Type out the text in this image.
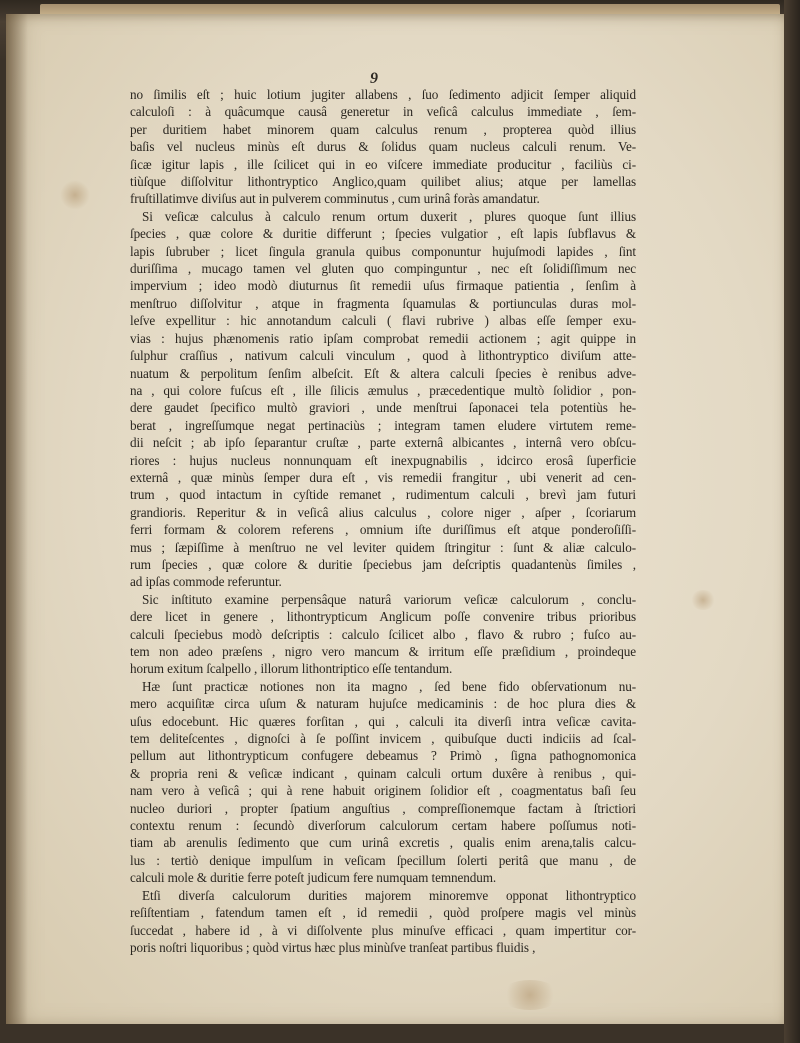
9

no ſimilis eſt ; huic lotium jugiter allabens , ſuo ſedimento adjicit ſemper aliquid

calculoſi : à quâcumque causâ generetur in veſicâ calculus immediate , ſem-

per duritiem habet minorem quam calculus renum , propterea quòd illius

baſis vel nucleus minùs eſt durus & ſolidus quam nucleus calculi renum. Ve-

ſicæ igitur lapis , ille ſcilicet qui in eo viſcere immediate producitur , faciliùs ci-

tiùſque diſſolvitur lithontryptico Anglico,quam quilibet alius; atque per lamellas

fruſtillatimve diviſus aut in pulverem comminutus , cum urinâ foràs amandatur.

Si veſicæ calculus à calculo renum ortum duxerit , plures quoque ſunt illius

ſpecies , quæ colore & duritie differunt ; ſpecies vulgatior , eſt lapis ſubflavus &

lapis ſubruber ; licet ſingula granula quibus componuntur hujuſmodi lapides , ſint

duriſſima , mucago tamen vel gluten quo compinguntur , nec eſt ſolidiſſimum nec

impervium ; ideo modò diuturnus ſit remedii uſus firmaque patientia , ſenſim à

menſtruo diſſolvitur , atque in fragmenta ſquamulas & portiunculas duras mol-

leſve expellitur : hic annotandum calculi ( flavi rubrive ) albas eſſe ſemper exu-

vias : hujus phænomenis ratio ipſam comprobat remedii actionem ; agit quippe in

ſulphur craſſius , nativum calculi vinculum , quod à lithontryptico diviſum atte-

nuatum & perpolitum ſenſim albeſcit. Eſt & altera calculi ſpecies è renibus adve-

na , qui colore fuſcus eſt , ille ſilicis æmulus , præcedentique multò ſolidior , pon-

dere gaudet ſpecifico multò graviori , unde menſtrui ſaponacei tela potentiùs he-

berat , ingreſſumque negat pertinaciùs ; integram tamen eludere virtutem reme-

dii neſcit ; ab ipſo ſeparantur cruſtæ , parte externâ albicantes , internâ vero obſcu-

riores : hujus nucleus nonnunquam eſt inexpugnabilis , idcirco erosâ ſuperficie

externâ , quæ minùs ſemper dura eſt , vis remedii frangitur , ubi venerit ad cen-

trum , quod intactum in cyſtide remanet , rudimentum calculi , brevì jam futuri

grandioris. Reperitur & in veſicâ alius calculus , colore niger , aſper , ſcoriarum

ferri formam & colorem referens , omnium iſte duriſſimus eſt atque ponderoſiſſi-

mus ; ſæpiſſime à menſtruo ne vel leviter quidem ſtringitur : ſunt & aliæ calculo-

rum ſpecies , quæ colore & duritie ſpeciebus jam deſcriptis quadantenùs ſimiles ,

ad ipſas commode referuntur.

Sic inſtituto examine perpensâque naturâ variorum veſicæ calculorum , conclu-

dere licet in genere , lithontrypticum Anglicum poſſe convenire tribus prioribus

calculi ſpeciebus modò deſcriptis : calculo ſcilicet albo , flavo & rubro ; fuſco au-

tem non adeo præſens , nigro vero mancum & irritum eſſe præſidium , proindeque

horum exitum ſcalpello , illorum lithontriptico eſſe tentandum.

Hæ ſunt practicæ notiones non ita magno , ſed bene fido obſervationum nu-

mero acquiſitæ circa uſum & naturam hujuſce medicaminis : de hoc plura dies &

uſus edocebunt. Hic quæres forſitan , qui , calculi ita diverſi intra veſicæ cavita-

tem deliteſcentes , dignoſci à ſe poſſint invicem , quibuſque ducti indiciis ad ſcal-

pellum aut lithontrypticum confugere debeamus ? Primò , ſigna pathognomonica

& propria reni & veſicæ indicant , quinam calculi ortum duxêre à renibus , qui-

nam vero à veſicâ ; qui à rene habuit originem ſolidior eſt , coagmentatus baſi ſeu

nucleo duriori , propter ſpatium anguſtius , compreſſionemque factam à ſtrictiori

contextu renum : ſecundò diverſorum calculorum certam habere poſſumus noti-

tiam ab arenulis ſedimento que cum urinâ excretis , qualis enim arena,talis calcu-

lus : tertiò denique impulſum in veſicam ſpecillum ſolerti peritâ que manu , de

calculi mole & duritie ferre poteſt judicum fere numquam temnendum.

Etſi diverſa calculorum durities majorem minoremve opponat lithontryptico

reſiſtentiam , fatendum tamen eſt , id remedii , quòd proſpere magis vel minùs

ſuccedat , habere id , à vi diſſolvente plus minuſve efficaci , quam impertitur cor-

poris noſtri liquoribus ; quòd virtus hæc plus minùſve tranſeat partibus fluidis ,
